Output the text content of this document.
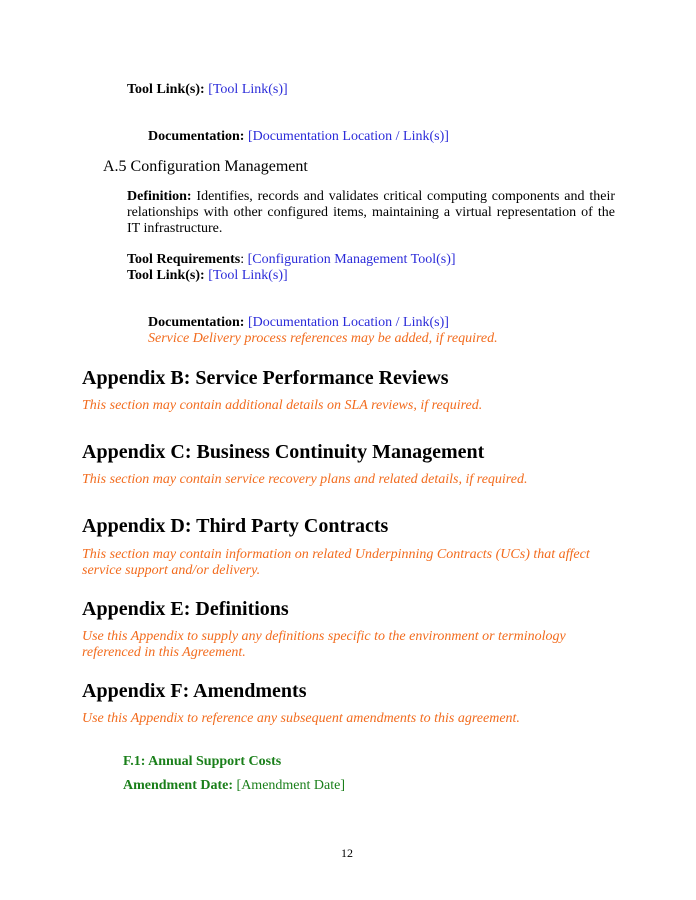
Tool Link(s): [Tool Link(s)]
Documentation: [Documentation Location / Link(s)]
A.5 Configuration Management
Definition: Identifies, records and validates critical computing components and their relationships with other configured items, maintaining a virtual representation of the IT infrastructure.
Tool Requirements: [Configuration Management Tool(s)]
Tool Link(s): [Tool Link(s)]
Documentation: [Documentation Location / Link(s)]
Service Delivery process references may be added, if required.
Appendix B: Service Performance Reviews
This section may contain additional details on SLA reviews, if required.
Appendix C: Business Continuity Management
This section may contain service recovery plans and related details, if required.
Appendix D: Third Party Contracts
This section may contain information on related Underpinning Contracts (UCs) that affect
service support and/or delivery.
Appendix E: Definitions
Use this Appendix to supply any definitions specific to the environment or terminology
referenced in this Agreement.
Appendix F: Amendments
Use this Appendix to reference any subsequent amendments to this agreement.
F.1: Annual Support Costs
Amendment Date: [Amendment Date]
12
